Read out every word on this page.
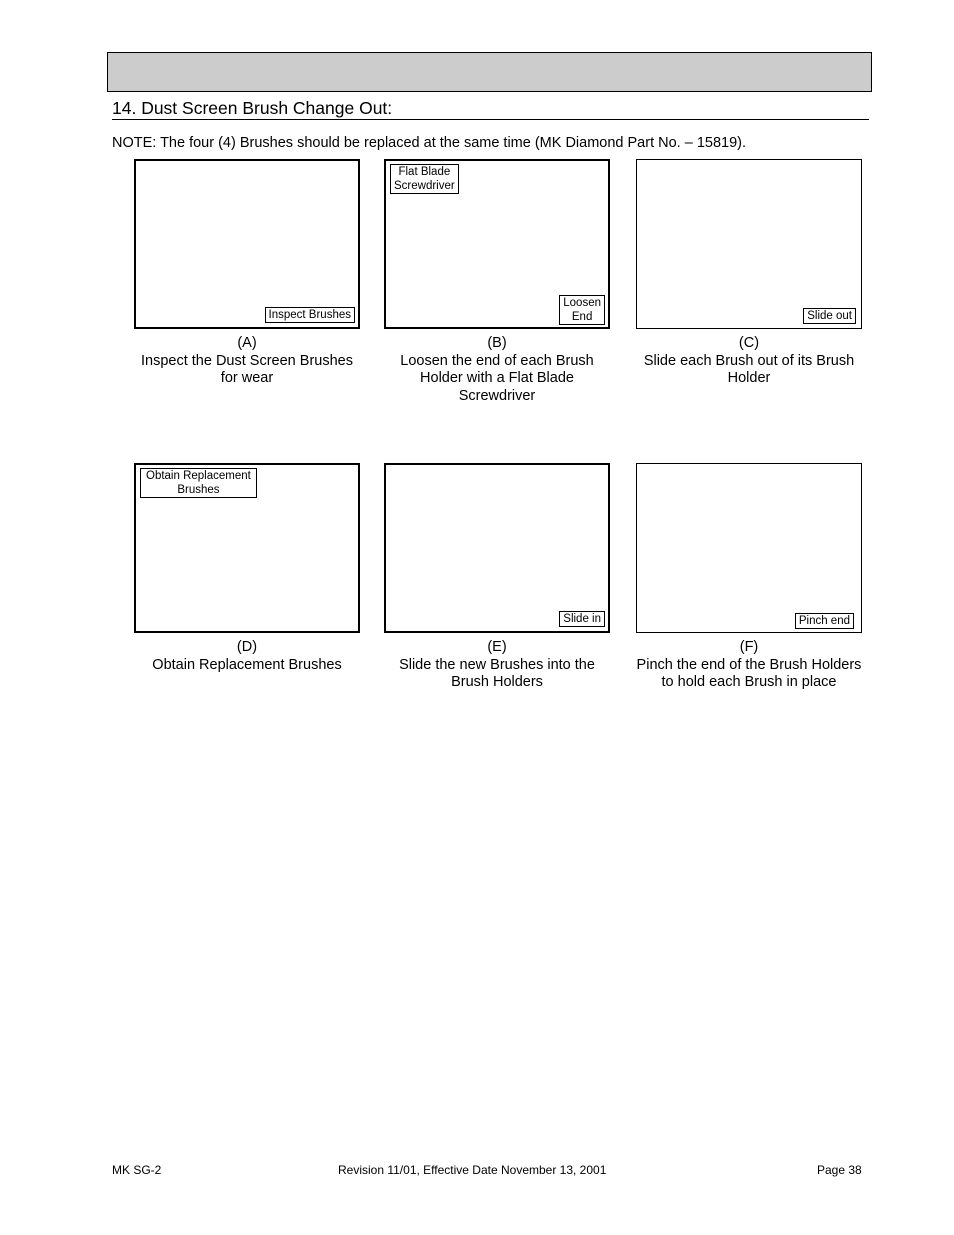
14. Dust Screen Brush Change Out:
NOTE: The four (4) Brushes should be replaced at the same time (MK Diamond Part No. – 15819).
Inspect Brushes
(A)
Inspect the Dust Screen Brushes for wear
Flat Blade
Screwdriver
Loosen
End
(B)
Loosen the end of each Brush Holder with a Flat Blade Screwdriver
Slide out
(C)
Slide each Brush out of its Brush Holder
Obtain Replacement
Brushes
(D)
Obtain Replacement Brushes
Slide in
(E)
Slide the new Brushes into the Brush Holders
Pinch end
(F)
Pinch the end of the Brush Holders to hold each Brush in place
MK SG-2	Revision 11/01, Effective Date November 13, 2001	Page 38
